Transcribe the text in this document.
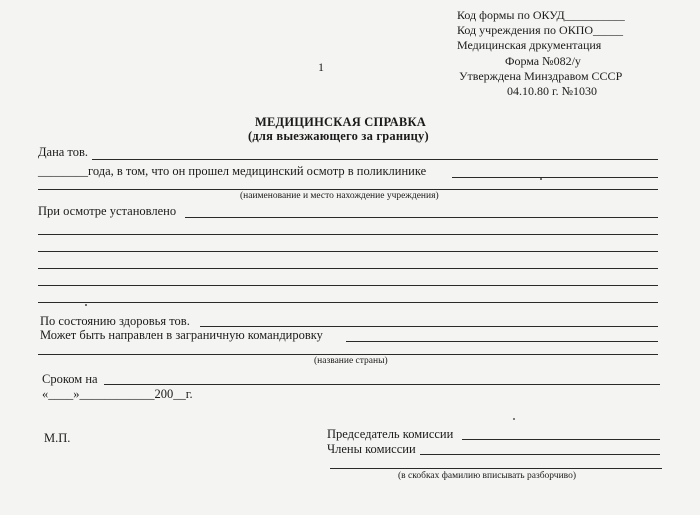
Код формы по ОКУД__________
Код учреждения по ОКПО_____
Медицинская дркументация
Форма №082/у
Утверждена Минздравом СССР
04.10.80 г. №1030
1
МЕДИЦИНСКАЯ СПРАВКА
(для выезжающего за границу)
Дана тов.
________года, в том, что он прошел медицинский осмотр в поликлинике
(наименование и место нахождение учреждения)
При осмотре установлено
По состоянию здоровья тов.
Может быть направлен в заграничную командировку
(название страны)
Сроком на
«____»____________200__г.
М.П.	Председатель комиссии
Члены комиссии
(в скобках фамилию вписывать разборчиво)
